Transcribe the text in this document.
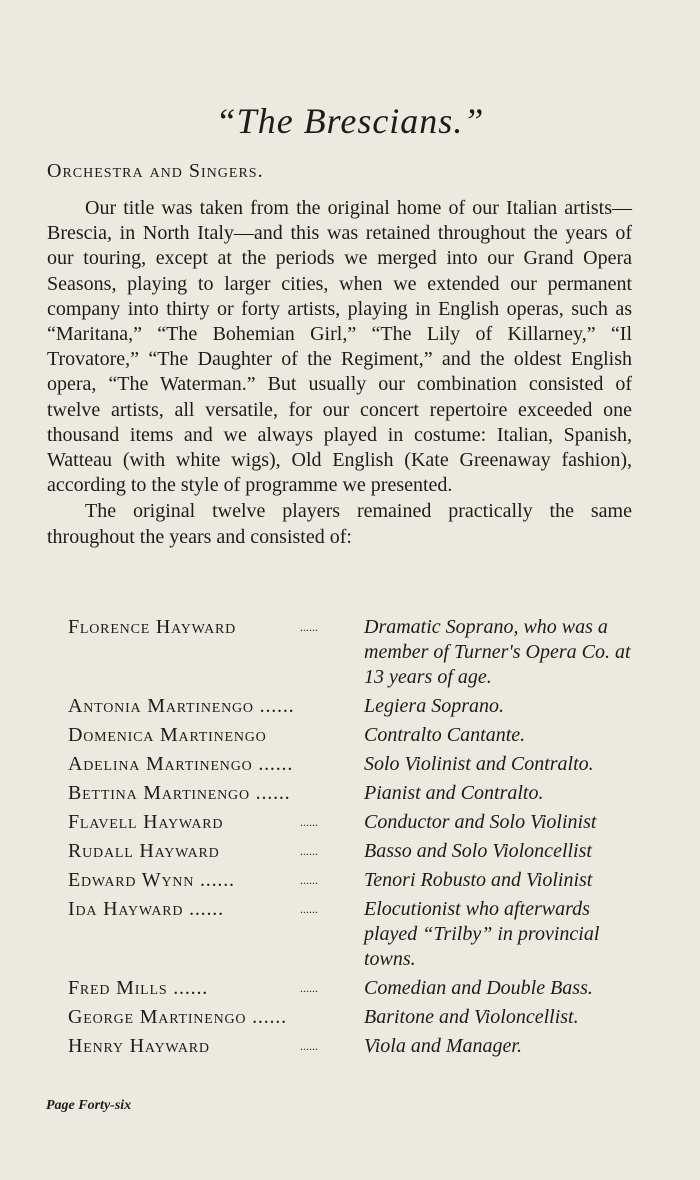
“The Brescians.”
Orchestra and Singers.

Our title was taken from the original home of our Italian artists—Brescia, in North Italy—and this was retained throughout the years of our touring, except at the periods we merged into our Grand Opera Seasons, playing to larger cities, when we extended our permanent company into thirty or forty artists, playing in English operas, such as “Maritana,” “The Bohemian Girl,” “The Lily of Killarney,” “Il Trovatore,” “The Daughter of the Regiment,” and the oldest English opera, “The Waterman.” But usually our combination consisted of twelve artists, all versatile, for our concert repertoire exceeded one thousand items and we always played in costume: Italian, Spanish, Watteau (with white wigs), Old English (Kate Greenaway fashion), according to the style of programme we presented.

The original twelve players remained practically the same throughout the years and consisted of:

Florence Hayward	......	Dramatic Soprano, who was a member of Turner's Opera Co. at 13 years of age.
Antonia Martinengo ......	Legiera Soprano.
Domenica Martinengo	Contralto Cantante.
Adelina Martinengo ......	Solo Violinist and Contralto.
Bettina Martinengo ......	Pianist and Contralto.
Flavell Hayward	......	Conductor and Solo Violinist
Rudall Hayward	......	Basso and Solo Violoncellist
Edward Wynn ......	......	Tenori Robusto and Violinist
Ida Hayward ......	......	Elocutionist who afterwards played “Trilby” in provincial towns.
Fred Mills ......	......	Comedian and Double Bass.
George Martinengo ......	Baritone and Violoncellist.
Henry Hayward	......	Viola and Manager.
Page Forty-six
